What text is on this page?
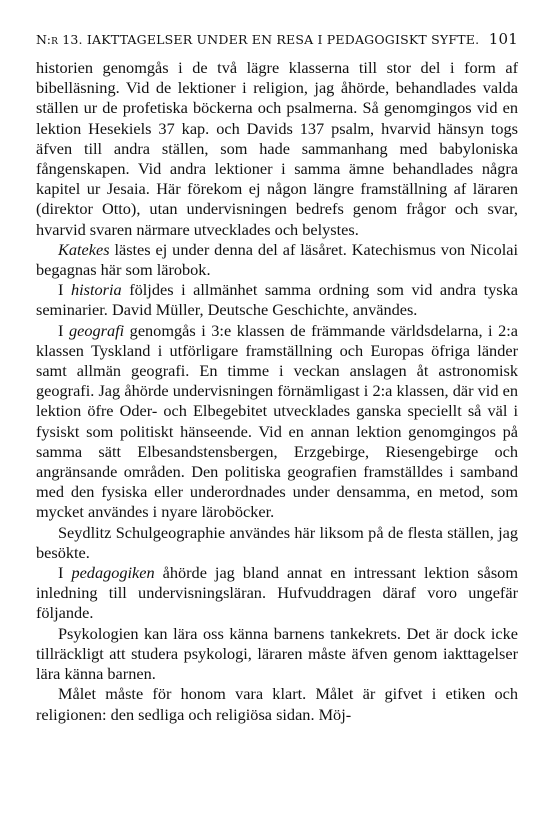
N:r 13. IAKTTAGELSER UNDER EN RESA I PEDAGOGISKT SYFTE. 101

historien genomgås i de två lägre klasserna till stor del i form af bibelläsning. Vid de lektioner i religion, jag åhörde, behandlades valda ställen ur de profetiska böckerna och psalmerna. Så genomgingos vid en lektion Hesekiels 37 kap. och Davids 137 psalm, hvarvid hänsyn togs äfven till andra ställen, som hade sammanhang med babyloniska fångenskapen. Vid andra lektioner i samma ämne behandlades några kapitel ur Jesaia. Här förekom ej någon längre framställning af läraren (direktor Otto), utan undervisningen bedrefs genom frågor och svar, hvarvid svaren närmare utvecklades och belystes.

Katekes lästes ej under denna del af läsåret. Katechismus von Nicolai begagnas här som lärobok.

I historia följdes i allmänhet samma ordning som vid andra tyska seminarier. David Müller, Deutsche Geschichte, användes.

I geografi genomgås i 3:e klassen de främmande världsdelarna, i 2:a klassen Tyskland i utförligare framställning och Europas öfriga länder samt allmän geografi. En timme i veckan anslagen åt astronomisk geografi. Jag åhörde undervisningen förnämligast i 2:a klassen, där vid en lektion öfre Oder- och Elbegebitet utvecklades ganska speciellt så väl i fysiskt som politiskt hänseende. Vid en annan lektion genomgingos på samma sätt Elbesandstensbergen, Erzgebirge, Riesengebirge och angränsande områden. Den politiska geografien framställdes i samband med den fysiska eller underordnades under densamma, en metod, som mycket användes i nyare läroböcker.

Seydlitz Schulgeographie användes här liksom på de flesta ställen, jag besökte.

I pedagogiken åhörde jag bland annat en intressant lektion såsom inledning till undervisningsläran. Hufvuddragen däraf voro ungefär följande.

Psykologien kan lära oss känna barnens tankekrets. Det är dock icke tillräckligt att studera psykologi, läraren måste äfven genom iakttagelser lära känna barnen.

Målet måste för honom vara klart. Målet är gifvet i etiken och religionen: den sedliga och religiösa sidan. Möj-
